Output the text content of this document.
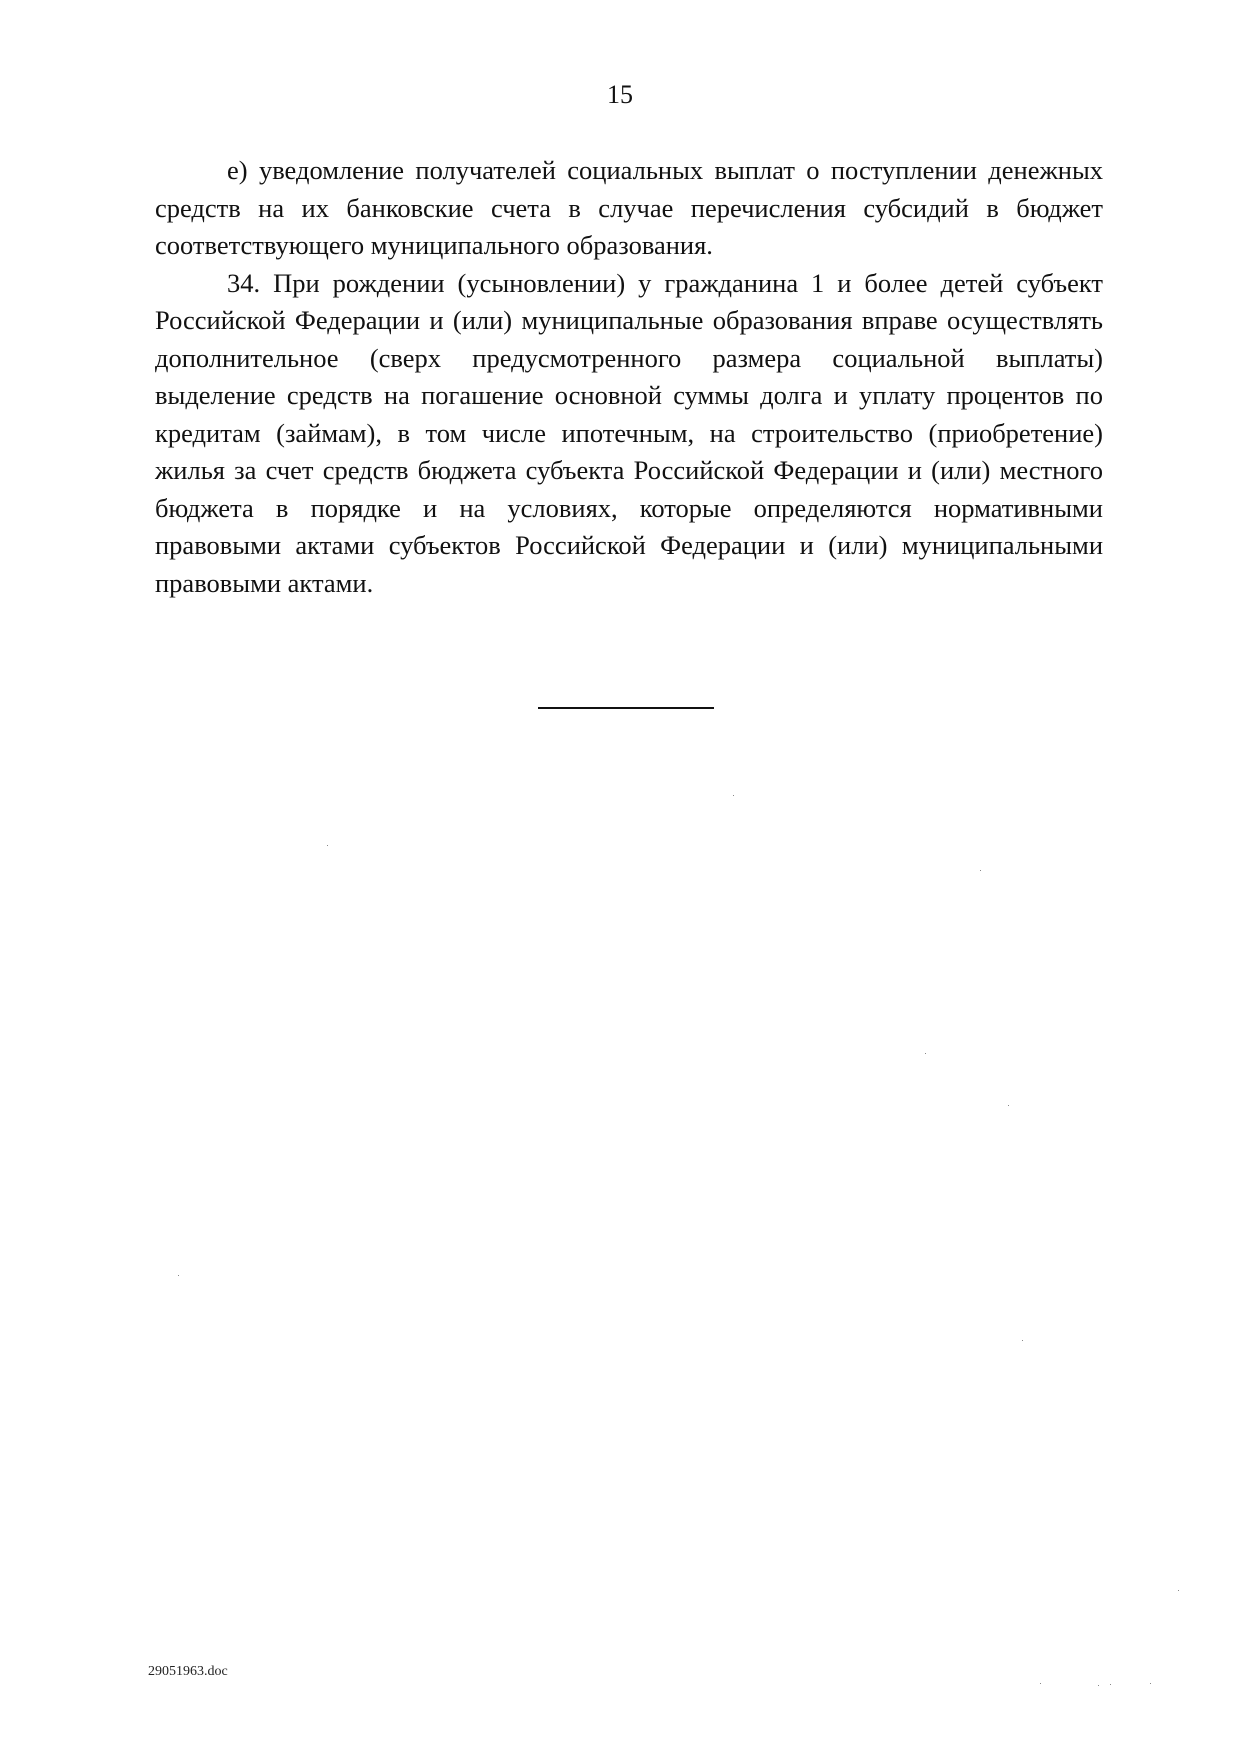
15

е) уведомление получателей социальных выплат о поступлении денежных средств на их банковские счета в случае перечисления субсидий в бюджет соответствующего муниципального образования.

34. При рождении (усыновлении) у гражданина 1 и более детей субъект Российской Федерации и (или) муниципальные образования вправе осуществлять дополнительное (сверх предусмотренного размера социальной выплаты) выделение средств на погашение основной суммы долга и уплату процентов по кредитам (займам), в том числе ипотечным, на строительство (приобретение) жилья за счет средств бюджета субъекта Российской Федерации и (или) местного бюджета в порядке и на условиях, которые определяются нормативными правовыми актами субъектов Российской Федерации и (или) муниципальными правовыми актами.

29051963.doc
